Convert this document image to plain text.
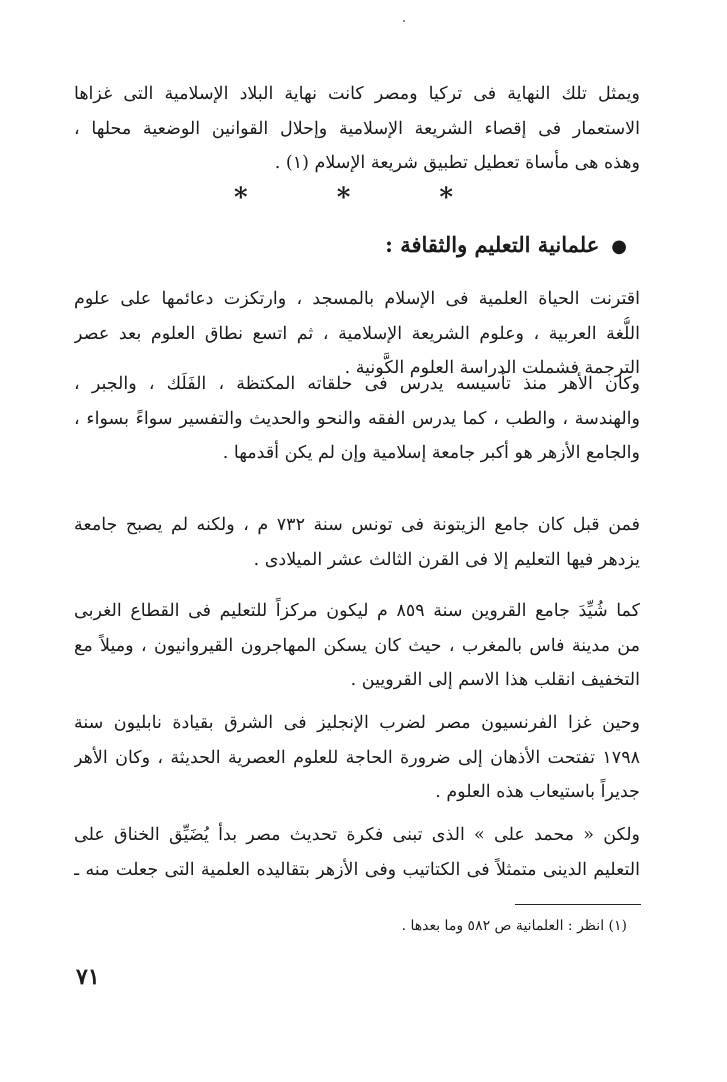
ويمثل تلك النهاية فى تركيا ومصر كانت نهاية البلاد الإسلامية التى غزاها
الاستعمار فى إقصاء الشريعة الإسلامية وإحلال القوانين الوضعية محلها ،
وهذه هى مأساة تعطيل تطبيق شريعة الإسلام (١) .

* * *
●علمانية التعليم والثقافة :

اقترنت الحياة العلمية فى الإسلام بالمسجد ، وارتكزت دعائمها على علوم
اللُّغة العربية ، وعلوم الشريعة الإسلامية ، ثم اتسع نطاق العلوم بعد عصر
الترجمة فشملت الدراسة العلوم الكَّونية .

وكان الأهر منذ تأسيسه يدرس فى حلقاته المكتظة ، الفَلَك ، والجبر ،
والهندسة ، والطب ، كما يدرس الفقه والنحو والحديث والتفسير سواءً بسواء ،
والجامع الأزهر هو أكبر جامعة إسلامية وإن لم يكن أقدمها .

فمن قبل كان جامع الزيتونة فى تونس سنة ٧٣٢ م ، ولكنه لم يصبح جامعة
يزدهر فيها التعليم إلا فى القرن الثالث عشر الميلادى .

كما شُيِّدَ جامع القروين سنة ٨٥٩ م ليكون مركزاً للتعليم فى القطاع الغربى
من مدينة فاس بالمغرب ، حيث كان يسكن المهاجرون القيروانيون ، وميلاً مع
التخفيف انقلب هذا الاسم إلى القرويين .

وحين غزا الفرنسيون مصر لضرب الإنجليز فى الشرق بقيادة نابليون سنة
١٧٩٨ تفتحت الأذهان إلى ضرورة الحاجة للعلوم العصرية الحديثة ، وكان الأهر
جديراً باستيعاب هذه العلوم .

ولكن « محمد على » الذى تبنى فكرة تحديث مصر بدأ يُضَيِّق الخناق على
التعليم الدينى متمثلاً فى الكتاتيب وفى الأزهر بتقاليده العلمية التى جعلت منه ـ

(١) انظر : العلمانية ص ٥٨٢ وما بعدها .
٧١
